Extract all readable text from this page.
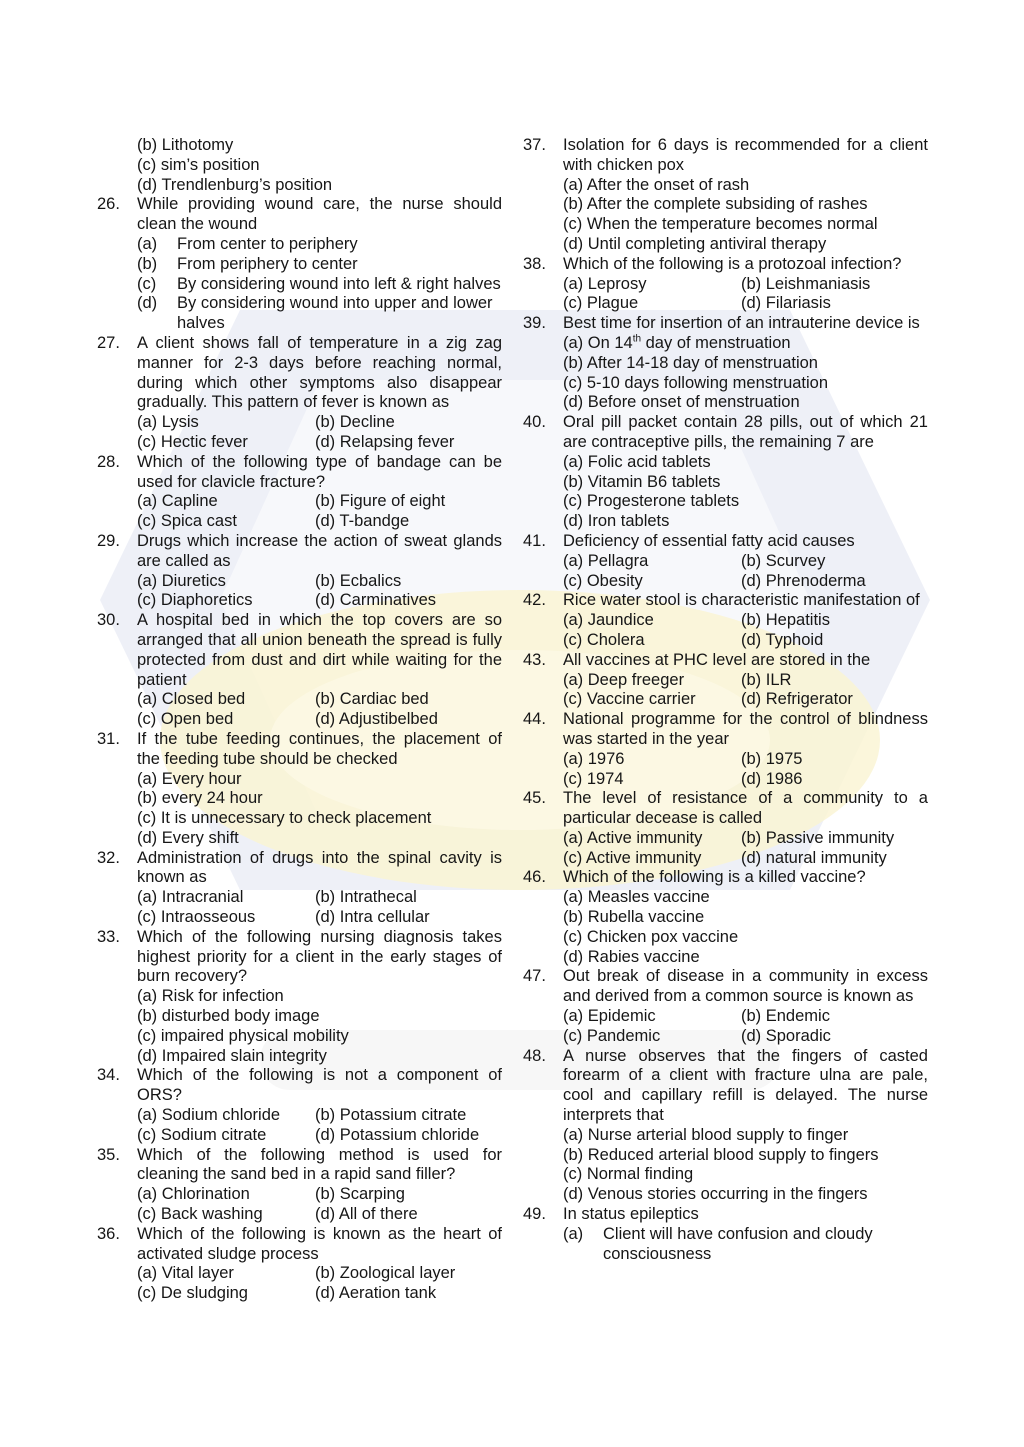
(b) Lithotomy
(c) sim’s position
(d) Trendlenburg’s position
26. While providing wound care, the nurse should clean the wound
(a)	From center to periphery
(b)	From periphery to center
(c)	By considering wound into left & right halves
(d)	By considering wound into upper and lower halves
27. A client shows fall of temperature in a zig zag manner for 2-3 days before reaching normal, during which other symptoms also disappear gradually. This pattern of fever is known as
(a) Lysis	(b) Decline
(c) Hectic fever	(d) Relapsing fever
28. Which of the following type of bandage can be used for clavicle fracture?
(a) Capline	(b) Figure of eight
(c) Spica cast	(d) T-bandge
29. Drugs which increase the action of sweat glands are called as
(a) Diuretics	(b) Ecbalics
(c) Diaphoretics	(d) Carminatives
30. A hospital bed in which the top covers are so arranged that all union beneath the spread is fully protected from dust and dirt while waiting for the patient
(a) Closed bed	(b) Cardiac bed
(c) Open bed	(d) Adjustibelbed
31. If the tube feeding continues, the placement of the feeding tube should be checked
(a) Every hour
(b) every 24 hour
(c) It is unnecessary to check placement
(d) Every shift
32. Administration of drugs into the spinal cavity is known as
(a) Intracranial	(b) Intrathecal
(c) Intraosseous	(d) Intra cellular
33. Which of the following nursing diagnosis takes highest priority for a client in the early stages of burn recovery?
(a) Risk for infection
(b) disturbed body image
(c) impaired physical mobility
(d) Impaired slain integrity
34. Which of the following is not a component of ORS?
(a) Sodium chloride	(b) Potassium citrate
(c) Sodium citrate	(d) Potassium chloride
35. Which of the following method is used for cleaning the sand bed in a rapid sand filler?
(a) Chlorination	(b) Scarping
(c) Back washing	(d) All of there
36. Which of the following is known as the heart of activated sludge process
(a) Vital layer	(b) Zoological layer
(c) De sludging	(d) Aeration tank
37. Isolation for 6 days is recommended for a client with chicken pox
(a) After the onset of rash
(b) After the complete subsiding of rashes
(c) When the temperature becomes normal
(d) Until completing antiviral therapy
38. Which of the following is a protozoal infection?
(a) Leprosy	(b) Leishmaniasis
(c) Plague	(d) Filariasis
39. Best time for insertion of an intrauterine device is
(a) On 14th day of menstruation
(b) After 14-18 day of menstruation
(c) 5-10 days following menstruation
(d) Before onset of menstruation
40. Oral pill packet contain 28 pills, out of which 21 are contraceptive pills, the remaining 7 are
(a) Folic acid tablets
(b) Vitamin B6 tablets
(c) Progesterone tablets
(d) Iron tablets
41. Deficiency of essential fatty acid causes
(a) Pellagra	(b) Scurvey
(c) Obesity	(d) Phrenoderma
42. Rice water stool is characteristic manifestation of
(a) Jaundice	(b) Hepatitis
(c) Cholera	(d) Typhoid
43. All vaccines at PHC level are stored in the
(a) Deep freeger	(b) ILR
(c) Vaccine carrier	(d) Refrigerator
44. National programme for the control of blindness was started in the year
(a) 1976	(b) 1975
(c) 1974	(d) 1986
45. The level of resistance of a community to a particular decease is called
(a) Active immunity	(b) Passive immunity
(c) Active immunity	(d) natural immunity
46. Which of the following is a killed vaccine?
(a) Measles vaccine
(b) Rubella vaccine
(c) Chicken pox vaccine
(d) Rabies vaccine
47. Out break of disease in a community in excess and derived from a common source is known as
(a) Epidemic	(b) Endemic
(c) Pandemic	(d) Sporadic
48. A nurse observes that the fingers of casted forearm of a client with fracture ulna are pale, cool and capillary refill is delayed. The nurse interprets that
(a) Nurse arterial blood supply to finger
(b) Reduced arterial blood supply to fingers
(c) Normal finding
(d) Venous stories occurring in the fingers
49. In status epileptics
(a)	Client will have confusion and cloudy consciousness
